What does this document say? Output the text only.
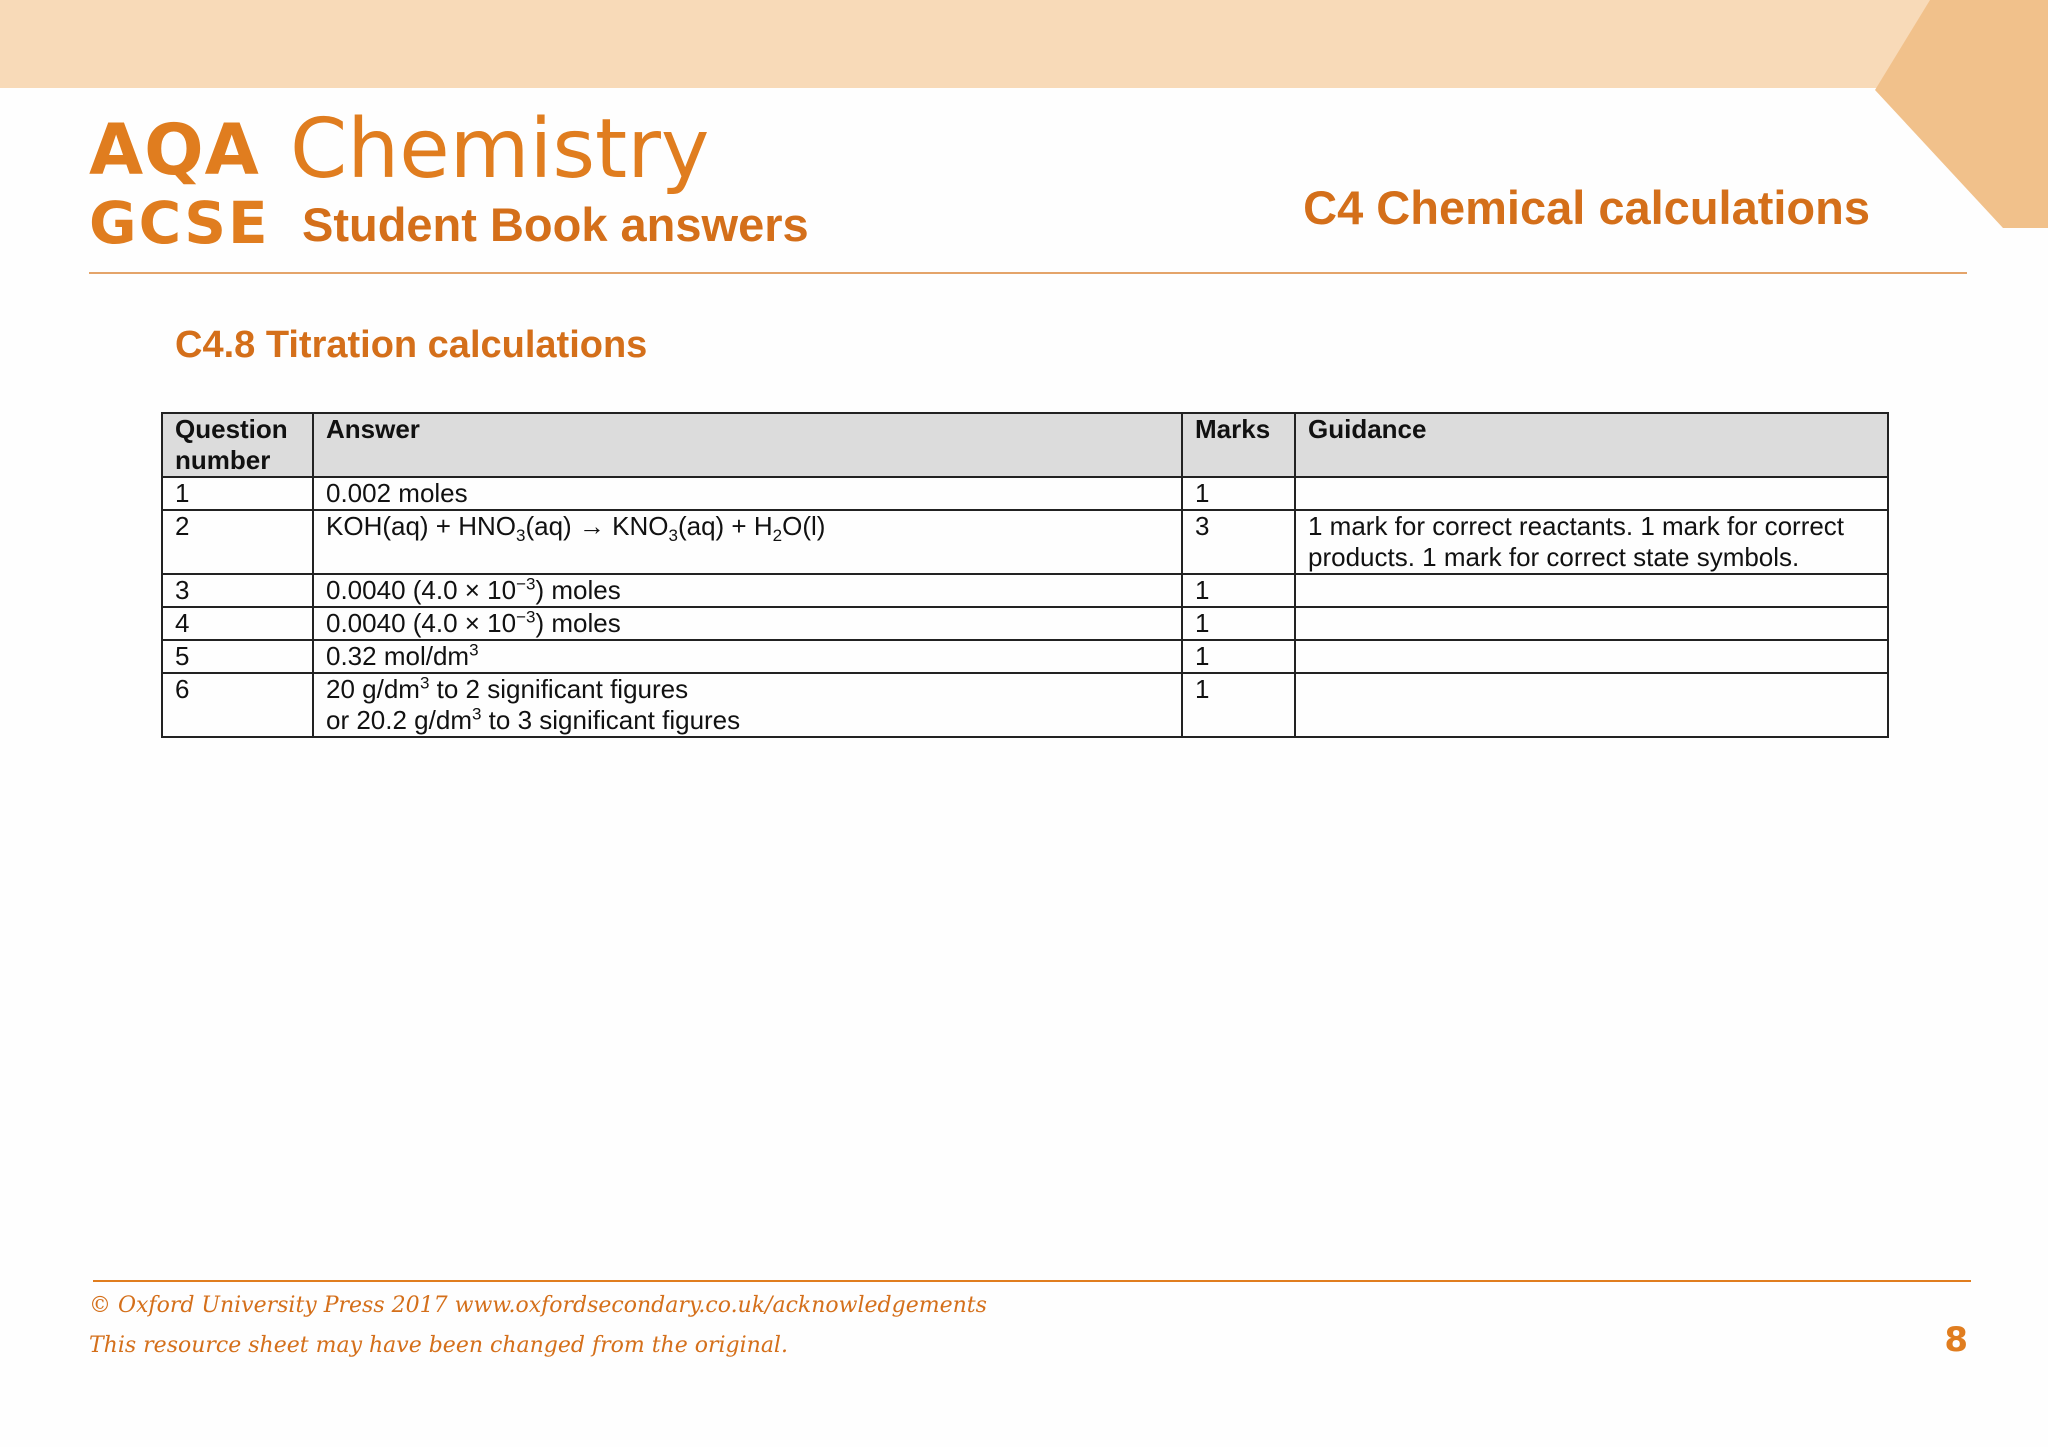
AQA Chemistry
GCSE Student Book answers	C4 Chemical calculations
C4.8 Titration calculations
Question
number	Answer	Marks	Guidance
1	0.002 moles	1	
2	$KOH(aq) + HNO_3(aq) \to KNO_3(aq) + H_2O(l)$	3	1 mark for correct reactants. 1 mark for correct products. 1 mark for correct state symbols.
3	0.0040 $(4.0 \times 10^{-3})$ moles	1	
4	0.0040 $(4.0 \times 10^{-3})$ moles	1	
5	0.32 mol/$dm^3$	1	
6	20 $g/dm^3$ to 2 significant figures
or 20.2 $g/dm^3$ to 3 significant figures	1	
© Oxford University Press 2017 www.oxfordsecondary.co.uk/acknowledgements
This resource sheet may have been changed from the original.	8
